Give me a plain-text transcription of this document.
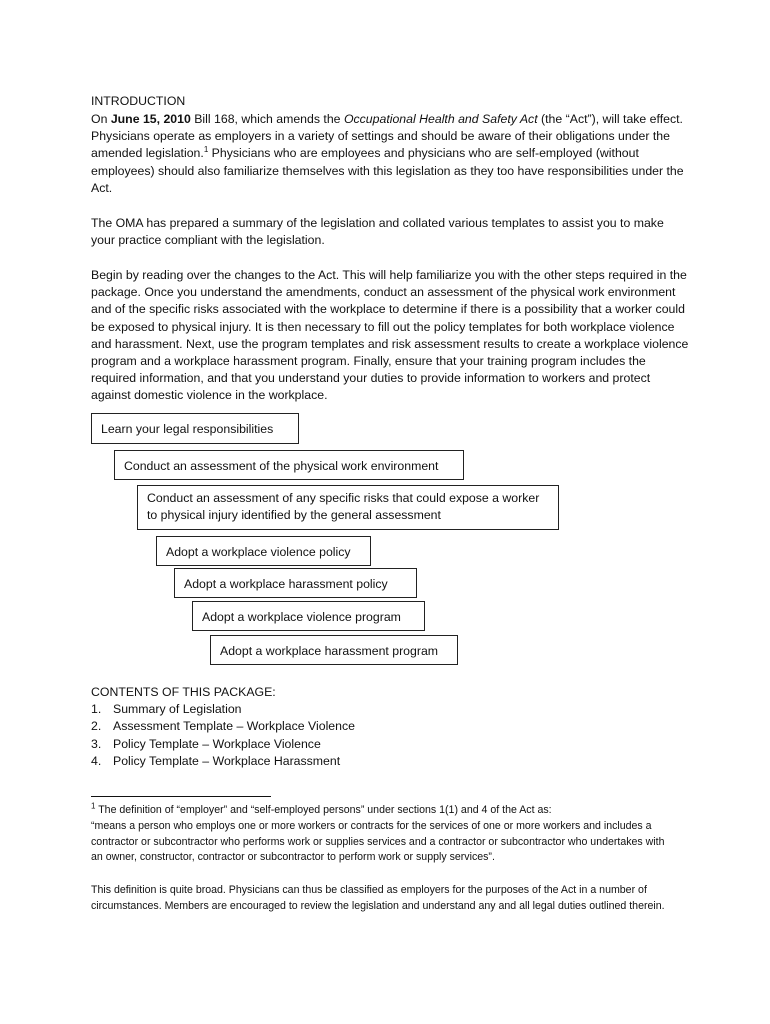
INTRODUCTION
On June 15, 2010 Bill 168, which amends the Occupational Health and Safety Act (the “Act”), will take effect. Physicians operate as employers in a variety of settings and should be aware of their obligations under the amended legislation.$^1$ Physicians who are employees and physicians who are self-employed (without employees) should also familiarize themselves with this legislation as they too have responsibilities under the Act.
The OMA has prepared a summary of the legislation and collated various templates to assist you to make your practice compliant with the legislation.
Begin by reading over the changes to the Act. This will help familiarize you with the other steps required in the package. Once you understand the amendments, conduct an assessment of the physical work environment and of the specific risks associated with the workplace to determine if there is a possibility that a worker could be exposed to physical injury. It is then necessary to fill out the policy templates for both workplace violence and harassment. Next, use the program templates and risk assessment results to create a workplace violence program and a workplace harassment program. Finally, ensure that your training program includes the required information, and that you understand your duties to provide information to workers and protect against domestic violence in the workplace.
Learn your legal responsibilities
Conduct an assessment of the physical work environment
Conduct an assessment of any specific risks that could expose a worker to physical injury identified by the general assessment
Adopt a workplace violence policy
Adopt a workplace harassment policy
Adopt a workplace violence program
Adopt a workplace harassment program
CONTENTS OF THIS PACKAGE:
1. Summary of Legislation
2. Assessment Template – Workplace Violence
3. Policy Template – Workplace Violence
4. Policy Template – Workplace Harassment
$^1$ The definition of “employer” and “self-employed persons” under sections 1(1) and 4 of the Act as:
“means a person who employs one or more workers or contracts for the services of one or more workers and includes a contractor or subcontractor who performs work or supplies services and a contractor or subcontractor who undertakes with an owner, constructor, contractor or subcontractor to perform work or supply services”.
This definition is quite broad. Physicians can thus be classified as employers for the purposes of the Act in a number of circumstances. Members are encouraged to review the legislation and understand any and all legal duties outlined therein.
